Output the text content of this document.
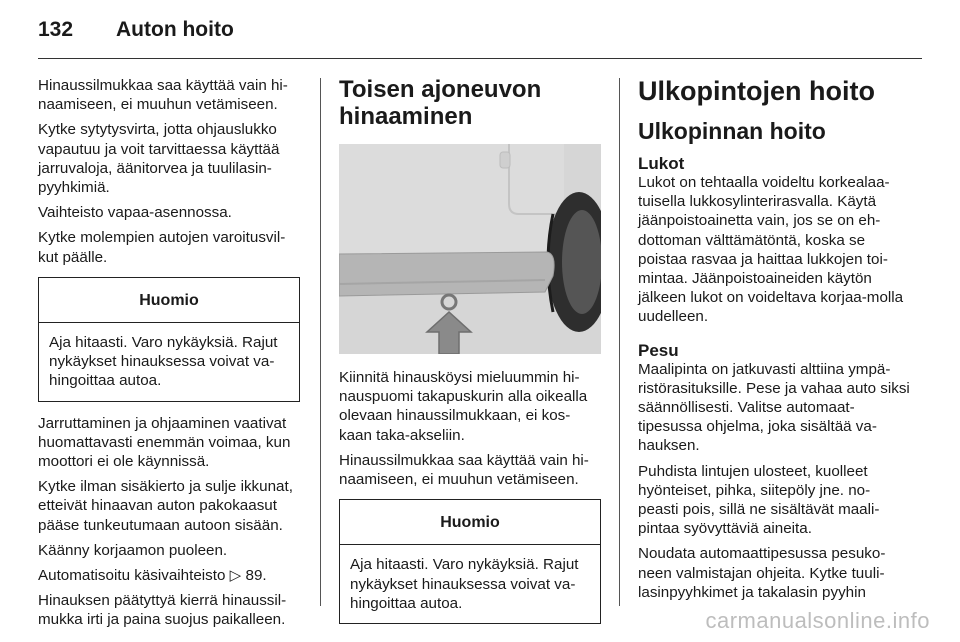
132	Auton hoito

Hinaussilmukkaa saa käyttää vain hi-naamiseen, ei muuhun vetämiseen.

Kytke sytytysvirta, jotta ohjauslukko vapautuu ja voit tarvittaessa käyttää jarruvaloja, äänitorvea ja tuulilasin-pyyhkimiä.

Vaihteisto vapaa-asennossa.

Kytke molempien autojen varoitusvil-kut päälle.

Huomio
Aja hitaasti. Varo nykäyksiä. Rajut nykäykset hinauksessa voivat va-hingoittaa autoa.

Jarruttaminen ja ohjaaminen vaativat huomattavasti enemmän voimaa, kun moottori ei ole käynnissä.

Kytke ilman sisäkierto ja sulje ikkunat, etteivät hinaavan auton pakokaasut pääse tunkeutumaan autoon sisään.

Käänny korjaamon puoleen.

Automatisoitu käsivaihteisto ▷ 89.

Hinauksen päätyttyä kierrä hinaussil-mukka irti ja paina suojus paikalleen.

Toisen ajoneuvon hinaaminen

Kiinnitä hinausköysi mieluummin hi-nauspuomi takapuskurin alla oikealla olevaan hinaussilmukkaan, ei kos-kaan taka-akseliin.

Hinaussilmukkaa saa käyttää vain hi-naamiseen, ei muuhun vetämiseen.

Huomio
Aja hitaasti. Varo nykäyksiä. Rajut nykäykset hinauksessa voivat va-hingoittaa autoa.
Ulkopintojen hoito
Ulkopinnan hoito
Lukot

Lukot on tehtaalla voideltu korkealaa-tuisella lukkosylinterirasvalla. Käytä jäänpoistoainetta vain, jos se on eh-dottoman välttämätöntä, koska se poistaa rasvaa ja haittaa lukkojen toi-mintaa. Jäänpoistoaineiden käytön jälkeen lukot on voideltava korjaa-molla uudelleen.

Pesu

Maalipinta on jatkuvasti alttiina ympä-ristörasituksille. Pese ja vahaa auto siksi säännöllisesti. Valitse automaat-tipesussa ohjelma, joka sisältää va-hauksen.

Puhdista lintujen ulosteet, kuolleet hyönteiset, pihka, siitepöly jne. no-peasti pois, sillä ne sisältävät maali-pintaa syövyttäviä aineita.

Noudata automaattipesussa pesuko-neen valmistajan ohjeita. Kytke tuuli-lasinpyyhkimet ja takalasin pyyhin

carmanualsonline.info
